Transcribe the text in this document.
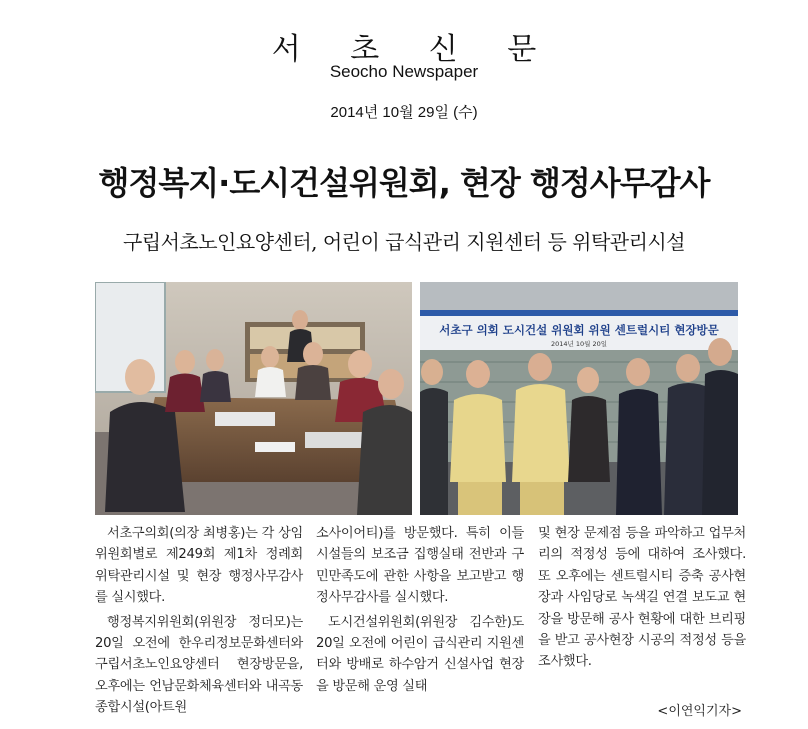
서 초 신 문
Seocho Newspaper
2014년 10월 29일 (수)
행정복지·도시건설위원회, 현장 행정사무감사
구립서초노인요양센터, 어린이 급식관리 지원센터 등 위탁관리시설
서초구 의회 도시건설 위원회 위원 센트럴시티 현장방문
2014년 10월 20일

서초구의회(의장 최병홍)는 각 상임위원회별로 제249회 제1차 정례회 위탁관리시설 및 현장 행정사무감사를 실시했다.

행정복지위원회(위원장 정더모)는 20일 오전에 한우리정보문화센터와 구립서초노인요양센터 현장방문을, 오후에는 언남문화체육센터와 내곡동 종합시설(아트원

소사이어티)를 방문했다. 특히 이들 시설들의 보조금 집행실태 전반과 구민만족도에 관한 사항을 보고받고 행정사무감사를 실시했다.

도시건설위원회(위원장 김수한)도 20일 오전에 어린이 급식관리 지원센터와 방배로 하수암거 신설사업 현장을 방문해 운영 실태

및 현장 문제점 등을 파악하고 업무처리의 적정성 등에 대하여 조사했다. 또 오후에는 센트럴시티 증축 공사현장과 사임당로 녹색길 연결 보도교 현장을 방문해 공사 현황에 대한 브리핑을 받고 공사현장 시공의 적정성 등을 조사했다.

<이연익기자>
